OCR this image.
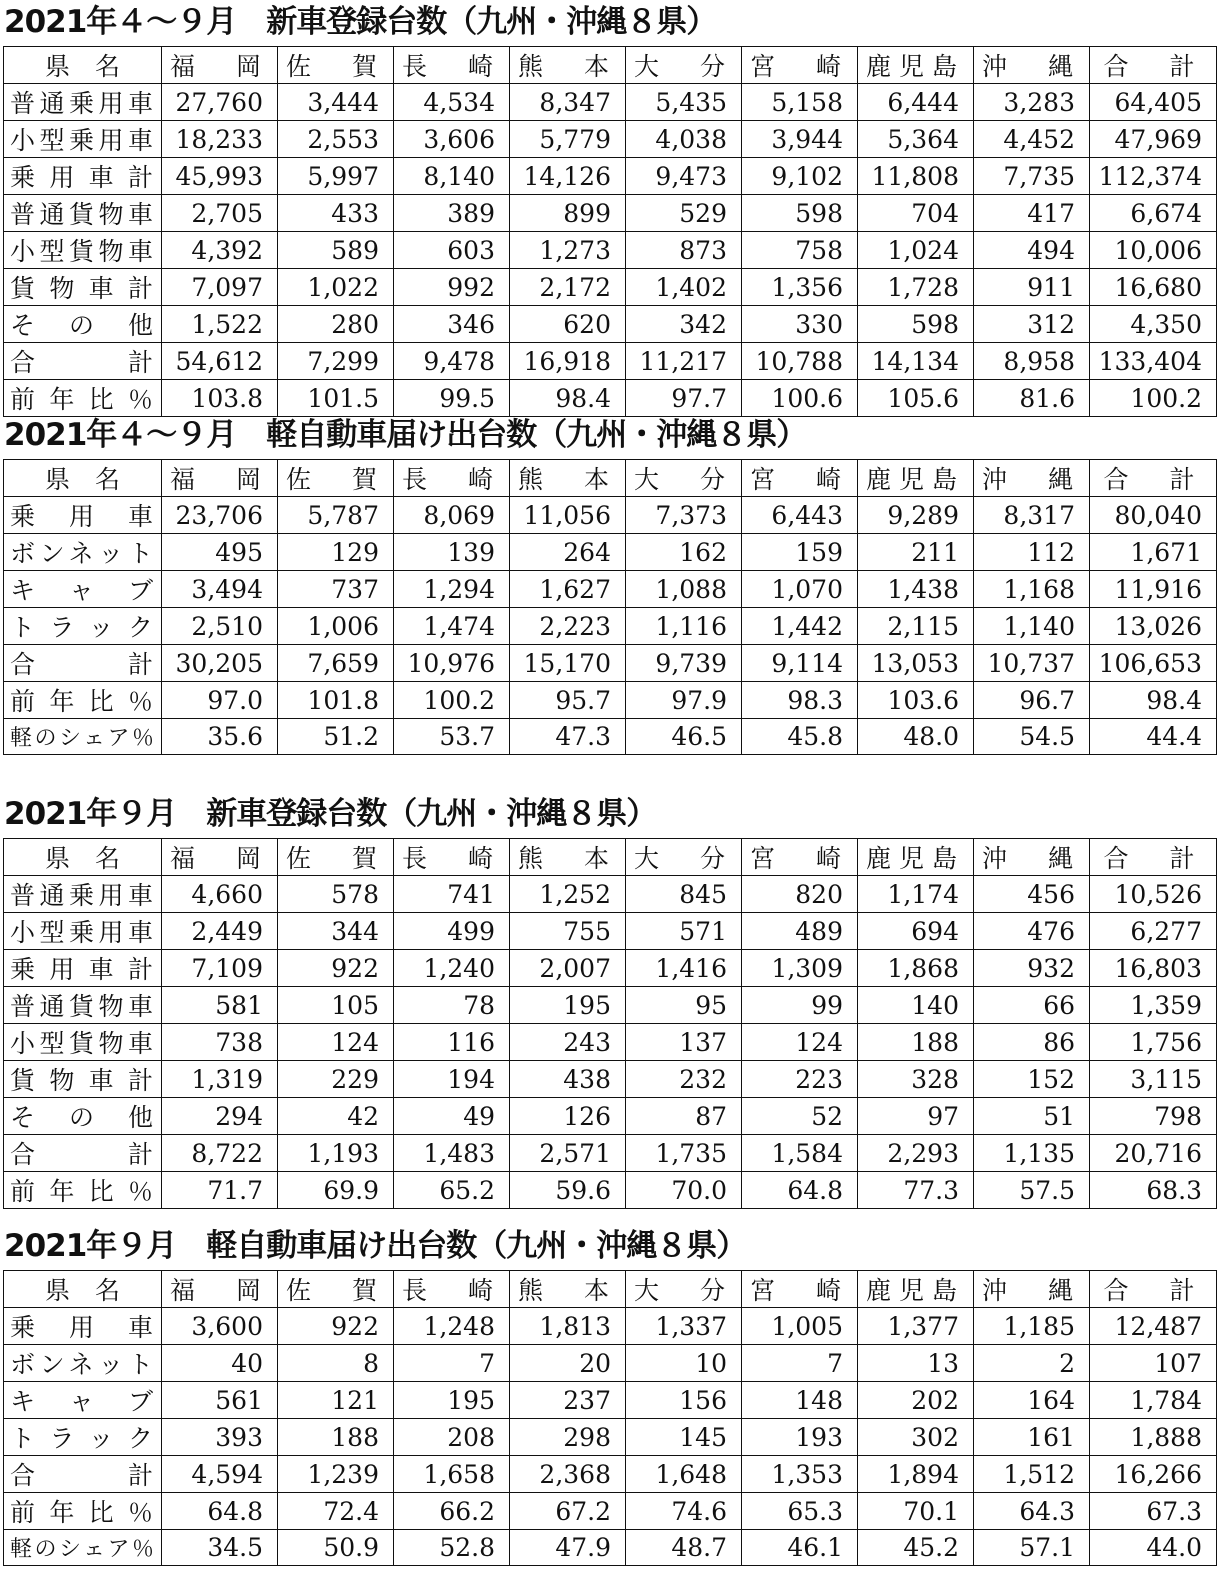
2021年４～９月　新車登録台数（九州・沖縄８県）
県　名	福　岡	佐　賀	長　崎	熊　本	大　分	宮　崎	鹿児島	沖　縄	合　計
普通乗用車	27,760	3,444	4,534	8,347	5,435	5,158	6,444	3,283	64,405
小型乗用車	18,233	2,553	3,606	5,779	4,038	3,944	5,364	4,452	47,969
乗用車計	45,993	5,997	8,140	14,126	9,473	9,102	11,808	7,735	112,374
普通貨物車	2,705	433	389	899	529	598	704	417	6,674
小型貨物車	4,392	589	603	1,273	873	758	1,024	494	10,006
貨物車計	7,097	1,022	992	2,172	1,402	1,356	1,728	911	16,680
その他	1,522	280	346	620	342	330	598	312	4,350
合計	54,612	7,299	9,478	16,918	11,217	10,788	14,134	8,958	133,404
前年比％	103.8	101.5	99.5	98.4	97.7	100.6	105.6	81.6	100.2
2021年４～９月　軽自動車届け出台数（九州・沖縄８県）
県　名	福　岡	佐　賀	長　崎	熊　本	大　分	宮　崎	鹿児島	沖　縄	合　計
乗用車	23,706	5,787	8,069	11,056	7,373	6,443	9,289	8,317	80,040
ボンネット	495	129	139	264	162	159	211	112	1,671
キャブ	3,494	737	1,294	1,627	1,088	1,070	1,438	1,168	11,916
トラック	2,510	1,006	1,474	2,223	1,116	1,442	2,115	1,140	13,026
合計	30,205	7,659	10,976	15,170	9,739	9,114	13,053	10,737	106,653
前年比％	97.0	101.8	100.2	95.7	97.9	98.3	103.6	96.7	98.4
軽のシェア％	35.6	51.2	53.7	47.3	46.5	45.8	48.0	54.5	44.4
2021年９月　新車登録台数（九州・沖縄８県）
県　名	福　岡	佐　賀	長　崎	熊　本	大　分	宮　崎	鹿児島	沖　縄	合　計
普通乗用車	4,660	578	741	1,252	845	820	1,174	456	10,526
小型乗用車	2,449	344	499	755	571	489	694	476	6,277
乗用車計	7,109	922	1,240	2,007	1,416	1,309	1,868	932	16,803
普通貨物車	581	105	78	195	95	99	140	66	1,359
小型貨物車	738	124	116	243	137	124	188	86	1,756
貨物車計	1,319	229	194	438	232	223	328	152	3,115
その他	294	42	49	126	87	52	97	51	798
合計	8,722	1,193	1,483	2,571	1,735	1,584	2,293	1,135	20,716
前年比％	71.7	69.9	65.2	59.6	70.0	64.8	77.3	57.5	68.3
2021年９月　軽自動車届け出台数（九州・沖縄８県）
県　名	福　岡	佐　賀	長　崎	熊　本	大　分	宮　崎	鹿児島	沖　縄	合　計
乗用車	3,600	922	1,248	1,813	1,337	1,005	1,377	1,185	12,487
ボンネット	40	8	7	20	10	7	13	2	107
キャブ	561	121	195	237	156	148	202	164	1,784
トラック	393	188	208	298	145	193	302	161	1,888
合計	4,594	1,239	1,658	2,368	1,648	1,353	1,894	1,512	16,266
前年比％	64.8	72.4	66.2	67.2	74.6	65.3	70.1	64.3	67.3
軽のシェア％	34.5	50.9	52.8	47.9	48.7	46.1	45.2	57.1	44.0
